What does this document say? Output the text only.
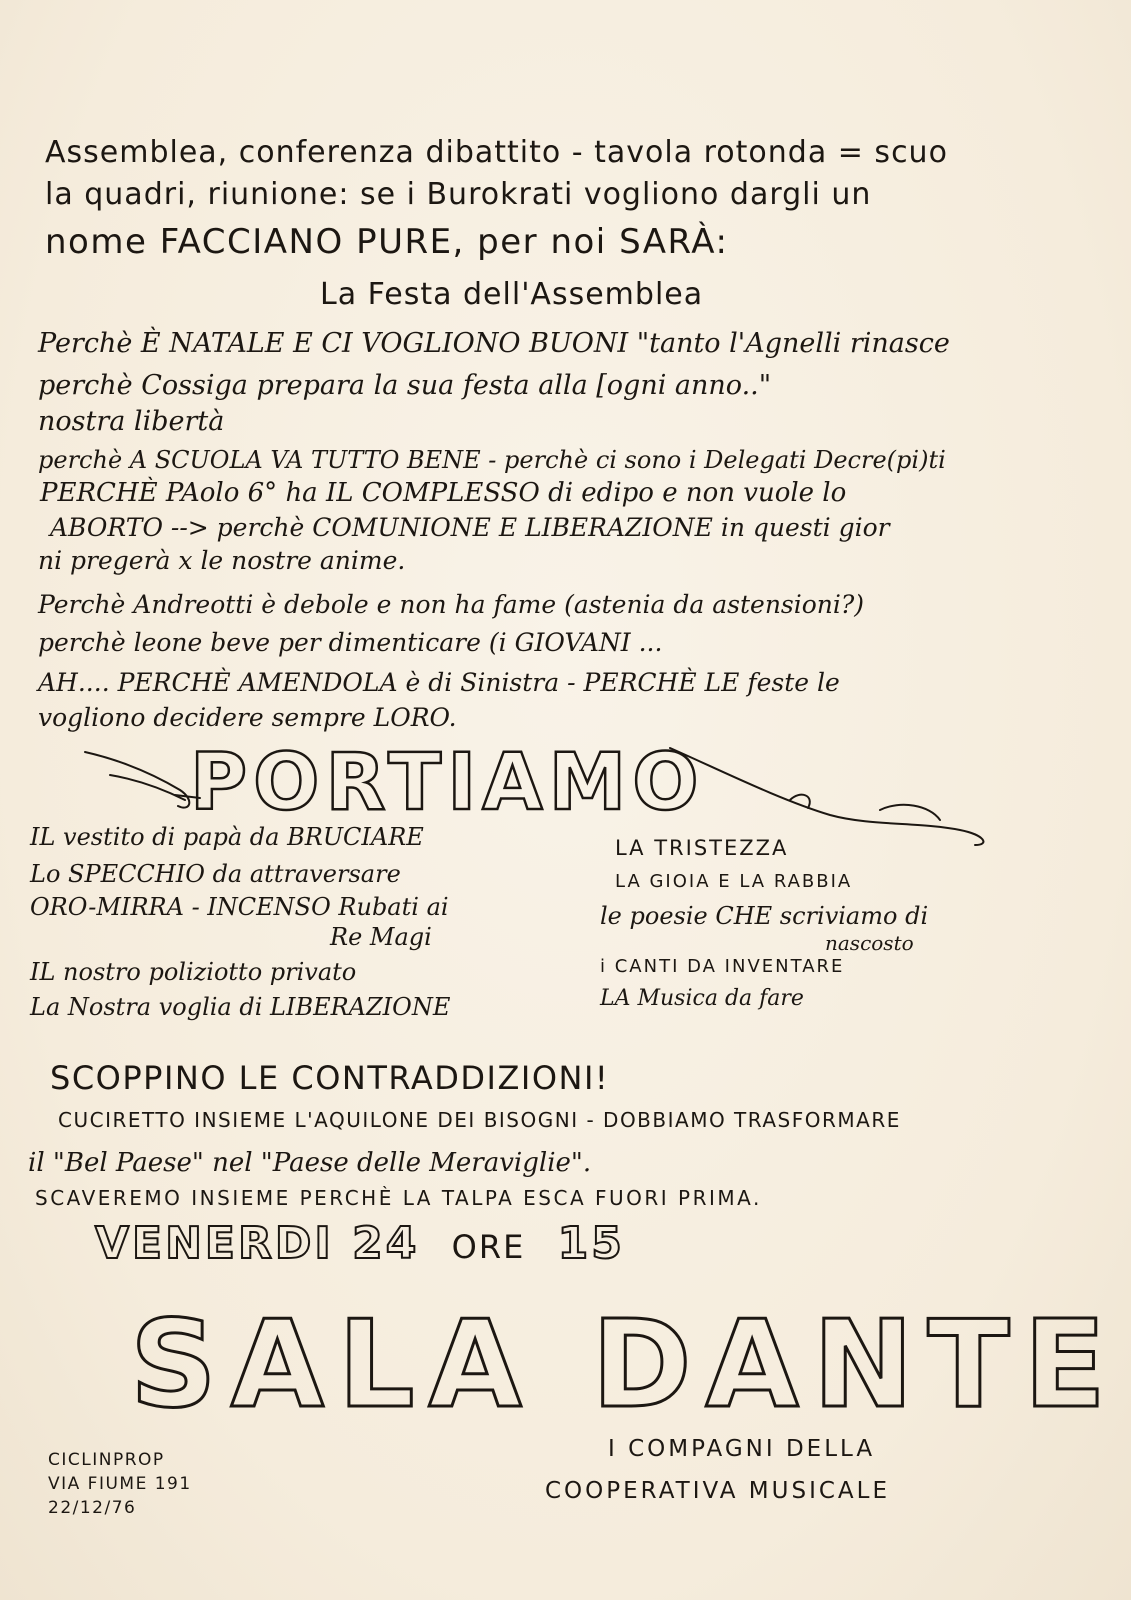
Assemblea, conferenza dibattito - tavola rotonda = scuo
la quadri, riunione: se i Burokrati vogliono dargli un
nome FACCIANO PURE, per noi SARÀ:
La Festa dell'Assemblea
Perchè È NATALE E CI VOGLIONO BUONI "tanto l'Agnelli rinasce
perchè Cossiga prepara la sua festa alla [ogni anno.."
nostra libertà
perchè A SCUOLA VA TUTTO BENE - perchè ci sono i Delegati Decre(pi)ti
PERCHÈ PAolo 6° ha IL COMPLESSO di edipo e non vuole lo
ABORTO --> perchè COMUNIONE E LIBERAZIONE in questi gior
ni pregerà x le nostre anime.
Perchè Andreotti è debole e non ha fame (astenia da astensioni?)
perchè leone beve per dimenticare (i GIOVANI ...
AH.... PERCHÈ AMENDOLA è di Sinistra - PERCHÈ LE feste le
vogliono decidere sempre LORO.
PORTIAMO
IL vestito di papà da BRUCIARE
Lo SPECCHIO da attraversare
ORO-MIRRA - INCENSO Rubati ai
Re Magi
IL nostro poliziotto privato
La Nostra voglia di LIBERAZIONE
LA TRISTEZZA
LA GIOIA E LA RABBIA
le poesie CHE scriviamo di
nascosto
i CANTI DA INVENTARE
LA Musica da fare
SCOPPINO LE CONTRADDIZIONI!
CUCIRETTO INSIEME L'AQUILONE DEI BISOGNI - DOBBIAMO TRASFORMARE
il "Bel Paese" nel "Paese delle Meraviglie".
SCAVEREMO INSIEME PERCHÈ LA TALPA ESCA FUORI PRIMA.
VENERDI 24 ORE 15
SALA DANTE
CICLINPROP
VIA FIUME 191
22/12/76
I COMPAGNI DELLA
COOPERATIVA MUSICALE
